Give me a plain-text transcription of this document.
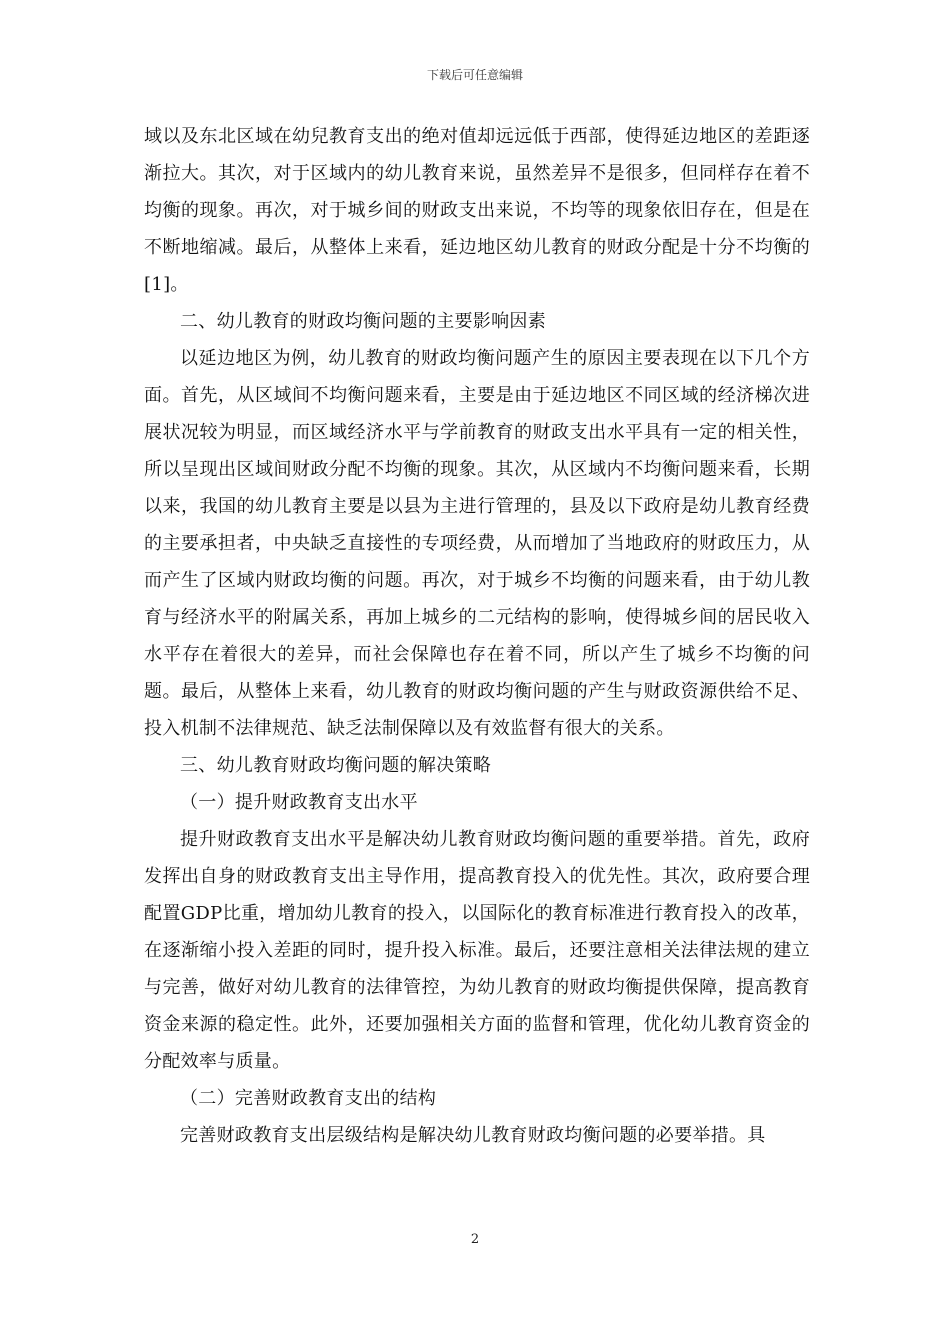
下载后可任意编辑

域以及东北区域在幼兒教育支出的绝对值却远远低于西部，使得延边地区的差距逐渐拉大。其次，对于区域内的幼儿教育来说，虽然差异不是很多，但同样存在着不均衡的现象。再次，对于城乡间的财政支出来说，不均等的现象依旧存在，但是在不断地缩减。最后，从整体上来看，延边地区幼儿教育的财政分配是十分不均衡的[1]。

二、幼儿教育的财政均衡问题的主要影响因素

以延边地区为例，幼儿教育的财政均衡问题产生的原因主要表现在以下几个方面。首先，从区域间不均衡问题来看，主要是由于延边地区不同区域的经济梯次进展状况较为明显，而区域经济水平与学前教育的财政支出水平具有一定的相关性，所以呈现出区域间财政分配不均衡的现象。其次，从区域内不均衡问题来看，长期以来，我国的幼儿教育主要是以县为主进行管理的，县及以下政府是幼儿教育经费的主要承担者，中央缺乏直接性的专项经费，从而增加了当地政府的财政压力，从而产生了区域内财政均衡的问题。再次，对于城乡不均衡的问题来看，由于幼儿教育与经济水平的附属关系，再加上城乡的二元结构的影响，使得城乡间的居民收入水平存在着很大的差异，而社会保障也存在着不同，所以产生了城乡不均衡的问题。最后，从整体上来看，幼儿教育的财政均衡问题的产生与财政资源供给不足、投入机制不法律规范、缺乏法制保障以及有效监督有很大的关系。

三、幼儿教育财政均衡问题的解决策略

（一）提升财政教育支出水平

提升财政教育支出水平是解决幼儿教育财政均衡问题的重要举措。首先，政府发挥出自身的财政教育支出主导作用，提高教育投入的优先性。其次，政府要合理配置GDP比重，增加幼儿教育的投入，以国际化的教育标准进行教育投入的改革，在逐渐缩小投入差距的同时，提升投入标准。最后，还要注意相关法律法规的建立与完善，做好对幼儿教育的法律管控，为幼儿教育的财政均衡提供保障，提高教育资金来源的稳定性。此外，还要加强相关方面的监督和管理，优化幼儿教育资金的分配效率与质量。

（二）完善财政教育支出的结构

完善财政教育支出层级结构是解决幼儿教育财政均衡问题的必要举措。具

2
